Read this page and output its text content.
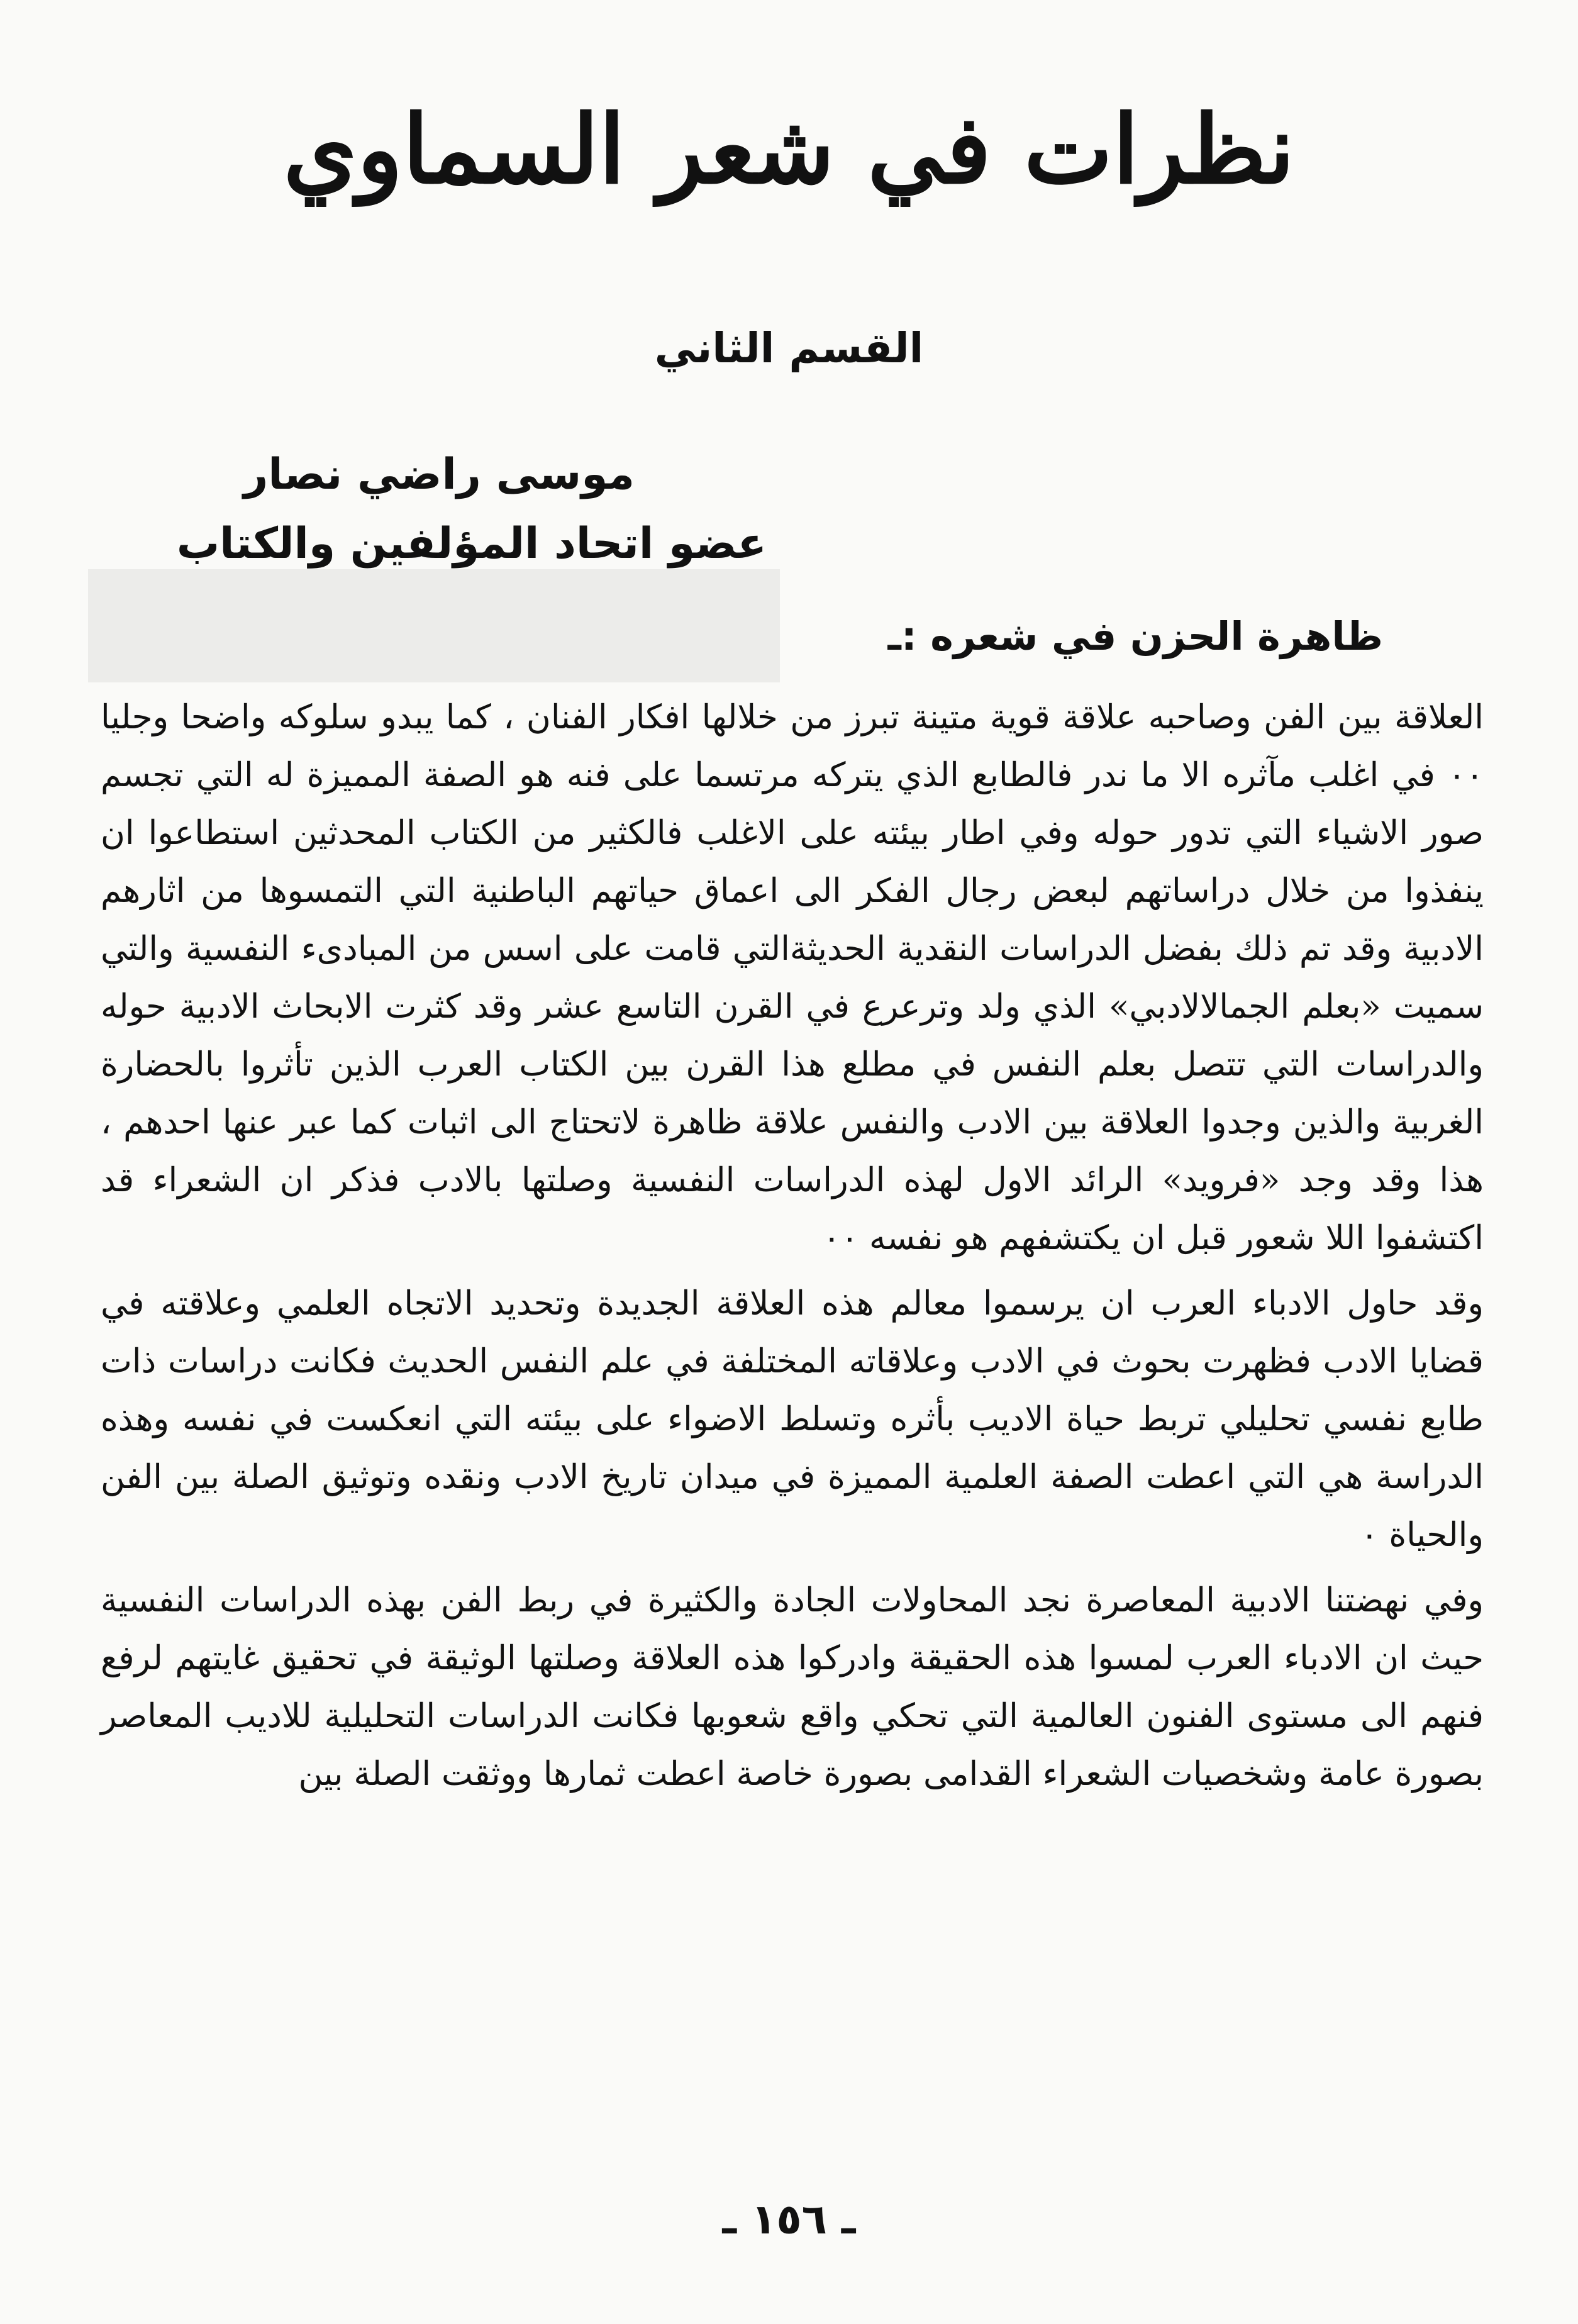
نظرات في شعر السماوي
القسم الثاني
موسى راضي نصار
عضو اتحاد المؤلفين والكتاب
ظاهرة الحزن في شعره :ـ

العلاقة بين الفن وصاحبه علاقة قوية متينة تبرز من خلالها افكار الفنان ، كما يبدو سلوكه واضحا وجليا ٠٠ في اغلب مآثره الا ما ندر فالطابع الذي يتركه مرتسما على فنه هو الصفة المميزة له التي تجسم صور الاشياء التي تدور حوله وفي اطار بيئته على الاغلب فالكثير من الكتاب المحدثين استطاعوا ان ينفذوا من خلال دراساتهم لبعض رجال الفكر الى اعماق حياتهم الباطنية التي التمسوها من اثارهم الادبية وقد تم ذلك بفضل الدراسات النقدية الحديثةالتي قامت على اسس من المبادىء النفسية والتي سميت «بعلم الجمالالادبي» الذي ولد وترعرع في القرن التاسع عشر وقد كثرت الابحاث الادبية حوله والدراسات التي تتصل بعلم النفس في مطلع هذا القرن بين الكتاب العرب الذين تأثروا بالحضارة الغربية والذين وجدوا العلاقة بين الادب والنفس علاقة ظاهرة لاتحتاج الى اثبات كما عبر عنها احدهم ، هذا وقد وجد «فرويد» الرائد الاول لهذه الدراسات النفسية وصلتها بالادب فذكر ان الشعراء قد اكتشفوا اللا شعور قبل ان يكتشفهم هو نفسه ٠٠

وقد حاول الادباء العرب ان يرسموا معالم هذه العلاقة الجديدة وتحديد الاتجاه العلمي وعلاقته في قضايا الادب فظهرت بحوث في الادب وعلاقاته المختلفة في علم النفس الحديث فكانت دراسات ذات طابع نفسي تحليلي تربط حياة الاديب بأثره وتسلط الاضواء على بيئته التي انعكست في نفسه وهذه الدراسة هي التي اعطت الصفة العلمية المميزة في ميدان تاريخ الادب ونقده وتوثيق الصلة بين الفن والحياة ٠

وفي نهضتنا الادبية المعاصرة نجد المحاولات الجادة والكثيرة في ربط الفن بهذه الدراسات النفسية حيث ان الادباء العرب لمسوا هذه الحقيقة وادركوا هذه العلاقة وصلتها الوثيقة في تحقيق غايتهم لرفع فنهم الى مستوى الفنون العالمية التي تحكي واقع شعوبها فكانت الدراسات التحليلية للاديب المعاصر بصورة عامة وشخصيات الشعراء القدامى بصورة خاصة اعطت ثمارها ووثقت الصلة بين

ـ ١٥٦ ـ
